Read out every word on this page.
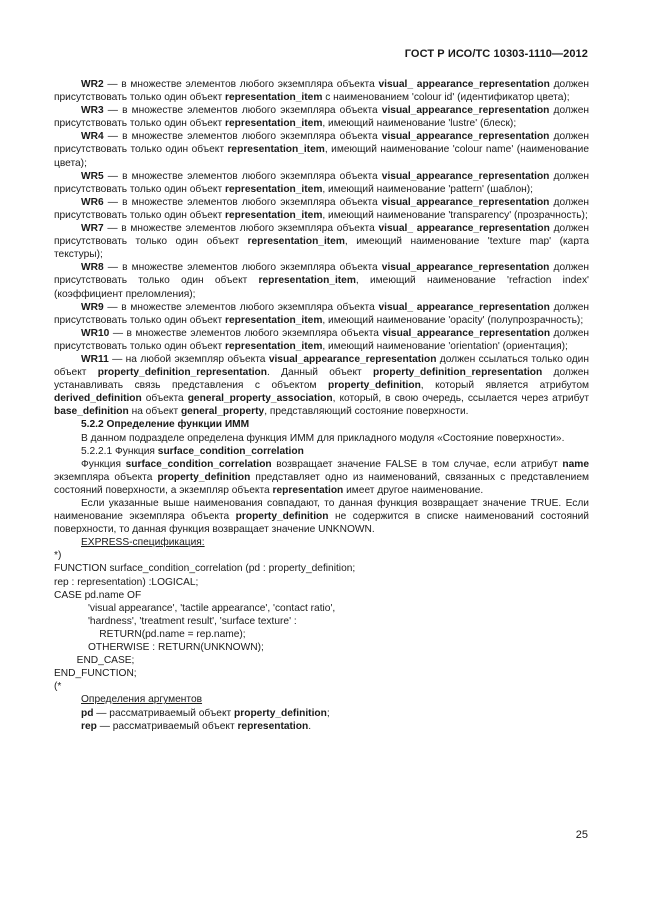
ГОСТ Р ИСО/ТС 10303-1110—2012

WR2 — в множестве элементов любого экземпляра объекта visual_ appearance_representation должен присутствовать только один объект representation_item с наименованием 'colour id' (идентификатор цвета);

WR3 — в множестве элементов любого экземпляра объекта visual_appearance_representation должен присутствовать только один объект representation_item, имеющий наименование 'lustre' (блеск);

WR4 — в множестве элементов любого экземпляра объекта visual_appearance_representation должен присутствовать только один объект representation_item, имеющий наименование 'colour name' (наименование цвета);

WR5 — в множестве элементов любого экземпляра объекта visual_appearance_representation должен присутствовать только один объект representation_item, имеющий наименование 'pattern' (шаблон);

WR6 — в множестве элементов любого экземпляра объекта visual_appearance_representation должен присутствовать только один объект representation_item, имеющий наименование 'transparency' (прозрачность);

WR7 — в множестве элементов любого экземпляра объекта visual_ appearance_representation должен присутствовать только один объект representation_item, имеющий наименование 'texture map' (карта текстуры);

WR8 — в множестве элементов любого экземпляра объекта visual_appearance_representation должен присутствовать только один объект representation_item, имеющий наименование 'refraction index' (коэффициент преломления);

WR9 — в множестве элементов любого экземпляра объекта visual_ appearance_representation должен присутствовать только один объект representation_item, имеющий наименование 'opacity' (полупрозрачность);

WR10 — в множестве элементов любого экземпляра объекта visual_appearance_representation должен присутствовать только один объект representation_item, имеющий наименование 'orientation' (ориентация);

WR11 — на любой экземпляр объекта visual_appearance_representation должен ссылаться только один объект property_definition_representation. Данный объект property_definition_representation должен устанавливать связь представления с объектом property_definition, который является атрибутом derived_definition объекта general_property_association, который, в свою очередь, ссылается через атрибут base_definition на объект general_property, представляющий состояние поверхности.

5.2.2 Определение функции ИММ

В данном подразделе определена функция ИММ для прикладного модуля «Состояние поверхности».

5.2.2.1 Функция surface_condition_correlation

Функция surface_condition_correlation возвращает значение FALSE в том случае, если атрибут name экземпляра объекта property_definition представляет одно из наименований, связанных с представлением состояний поверхности, а экземпляр объекта representation имеет другое наименование.

Если указанные выше наименования совпадают, то данная функция возвращает значение TRUE. Если наименование экземпляра объекта property_definition не содержится в списке наименований состояний поверхности, то данная функция возвращает значение UNKNOWN.

EXPRESS-спецификация:

*)

FUNCTION surface_condition_correlation (pd : property_definition;

rep : representation) :LOGICAL;

CASE pd.name OF

'visual appearance', 'tactile appearance', 'contact ratio',

'hardness', 'treatment result', 'surface texture' :

RETURN(pd.name = rep.name);

OTHERWISE : RETURN(UNKNOWN);

END_CASE;

END_FUNCTION;

(*

Определения аргументов

pd — рассматриваемый объект property_definition;

rep — рассматриваемый объект representation.

25
